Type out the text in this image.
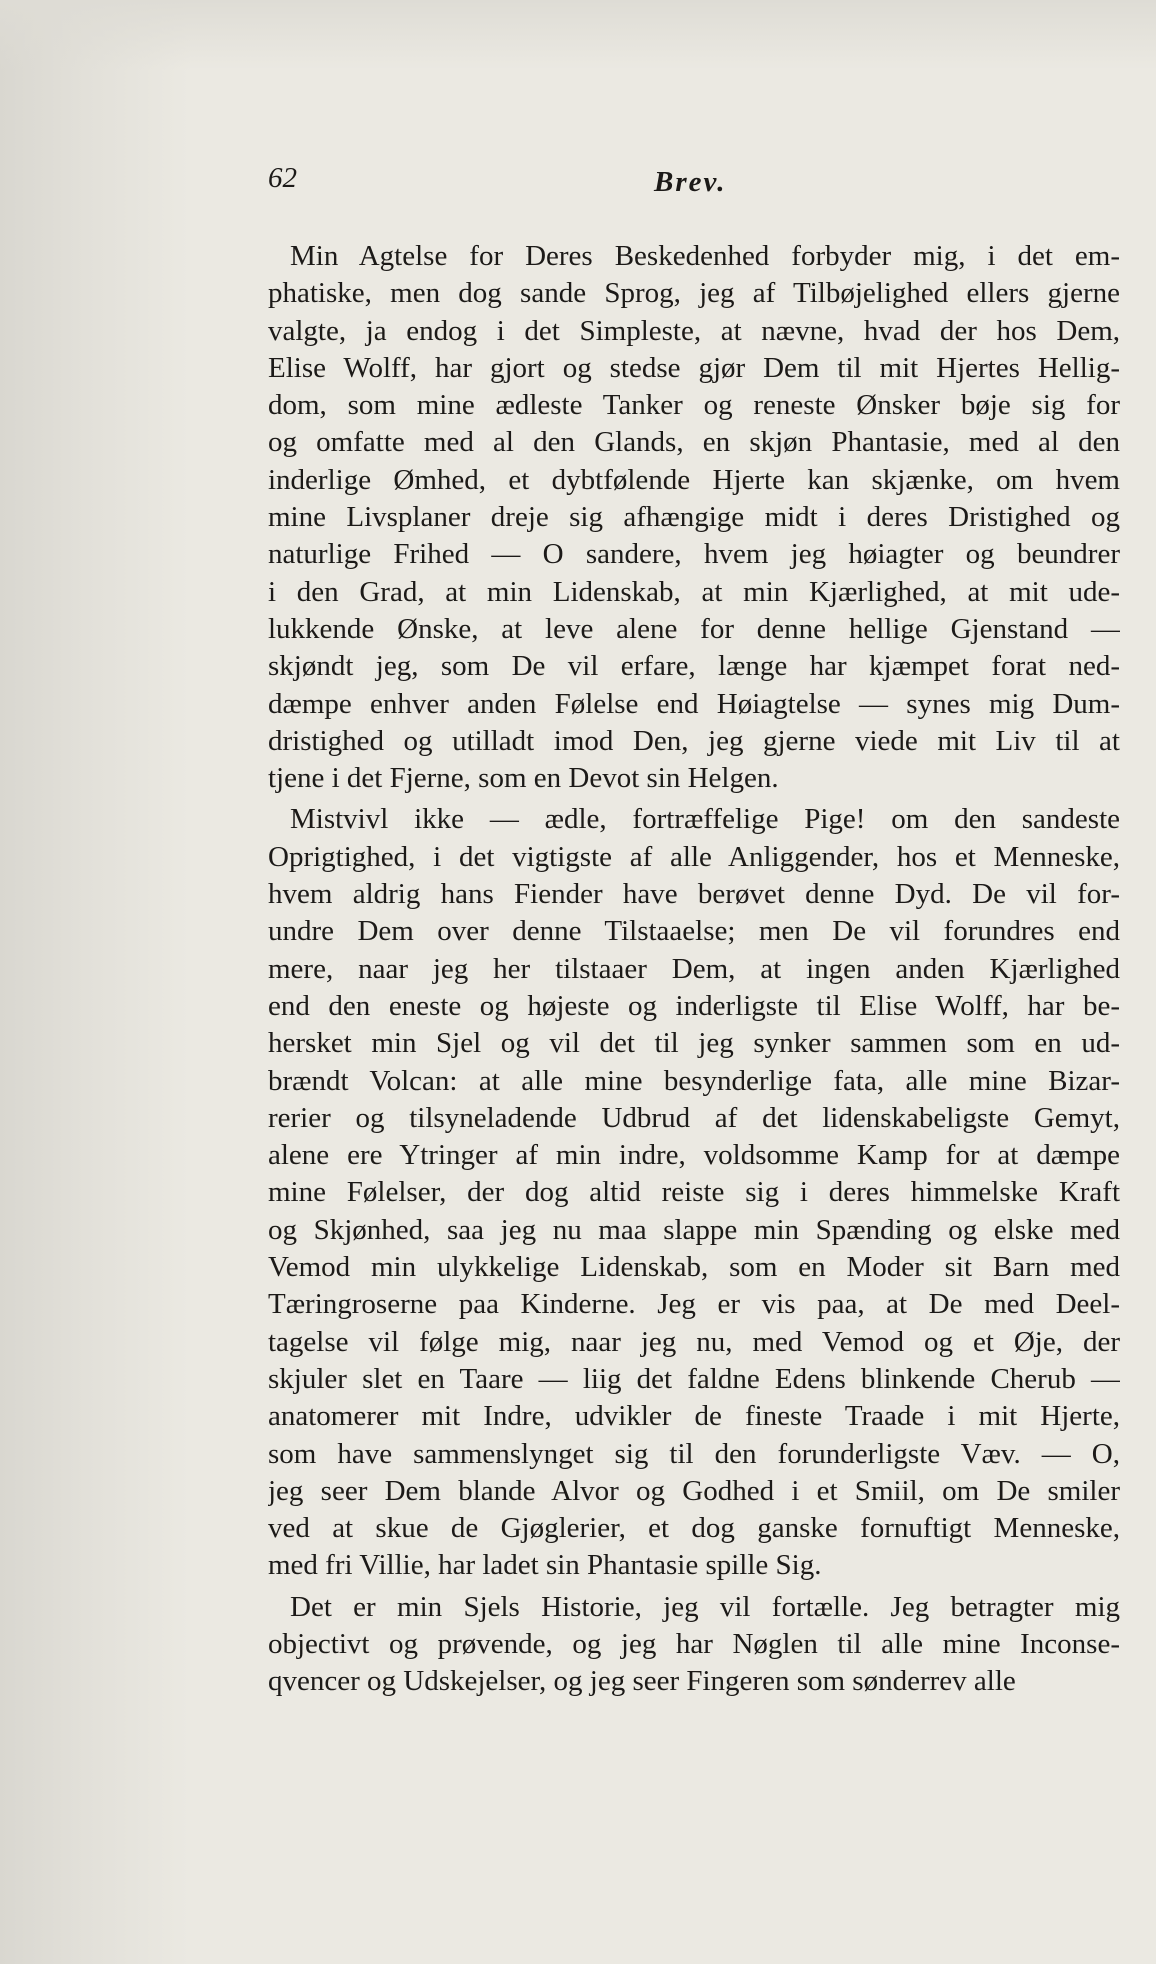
62	Brev.
Min Agtelse for Deres Beskedenhed forbyder mig, i det em-
phatiske, men dog sande Sprog, jeg af Tilbøjelighed ellers gjerne
valgte, ja endog i det Simpleste, at nævne, hvad der hos Dem,
Elise Wolff, har gjort og stedse gjør Dem til mit Hjertes Hellig-
dom, som mine ædleste Tanker og reneste Ønsker bøje sig for
og omfatte med al den Glands, en skjøn Phantasie, med al den
inderlige Ømhed, et dybtfølende Hjerte kan skjænke, om hvem
mine Livsplaner dreje sig afhængige midt i deres Dristighed og
naturlige Frihed — O sandere, hvem jeg høiagter og beundrer
i den Grad, at min Lidenskab, at min Kjærlighed, at mit ude-
lukkende Ønske, at leve alene for denne hellige Gjenstand —
skjøndt jeg, som De vil erfare, længe har kjæmpet forat ned-
dæmpe enhver anden Følelse end Høiagtelse — synes mig Dum-
dristighed og utilladt imod Den, jeg gjerne viede mit Liv til at
tjene i det Fjerne, som en Devot sin Helgen.
Mistvivl ikke — ædle, fortræffelige Pige! om den sandeste
Oprigtighed, i det vigtigste af alle Anliggender, hos et Menneske,
hvem aldrig hans Fiender have berøvet denne Dyd. De vil for-
undre Dem over denne Tilstaaelse; men De vil forundres end
mere, naar jeg her tilstaaer Dem, at ingen anden Kjærlighed
end den eneste og højeste og inderligste til Elise Wolff, har be-
hersket min Sjel og vil det til jeg synker sammen som en ud-
brændt Volcan: at alle mine besynderlige fata, alle mine Bizar-
rerier og tilsyneladende Udbrud af det lidenskabeligste Gemyt,
alene ere Ytringer af min indre, voldsomme Kamp for at dæmpe
mine Følelser, der dog altid reiste sig i deres himmelske Kraft
og Skjønhed, saa jeg nu maa slappe min Spænding og elske med
Vemod min ulykkelige Lidenskab, som en Moder sit Barn med
Tæringroserne paa Kinderne. Jeg er vis paa, at De med Deel-
tagelse vil følge mig, naar jeg nu, med Vemod og et Øje, der
skjuler slet en Taare — liig det faldne Edens blinkende Cherub —
anatomerer mit Indre, udvikler de fineste Traade i mit Hjerte,
som have sammenslynget sig til den forunderligste Væv. — O,
jeg seer Dem blande Alvor og Godhed i et Smiil, om De smiler
ved at skue de Gjøglerier, et dog ganske fornuftigt Menneske,
med fri Villie, har ladet sin Phantasie spille Sig.
Det er min Sjels Historie, jeg vil fortælle. Jeg betragter mig
objectivt og prøvende, og jeg har Nøglen til alle mine Inconse-
qvencer og Udskejelser, og jeg seer Fingeren som sønderrev alle
